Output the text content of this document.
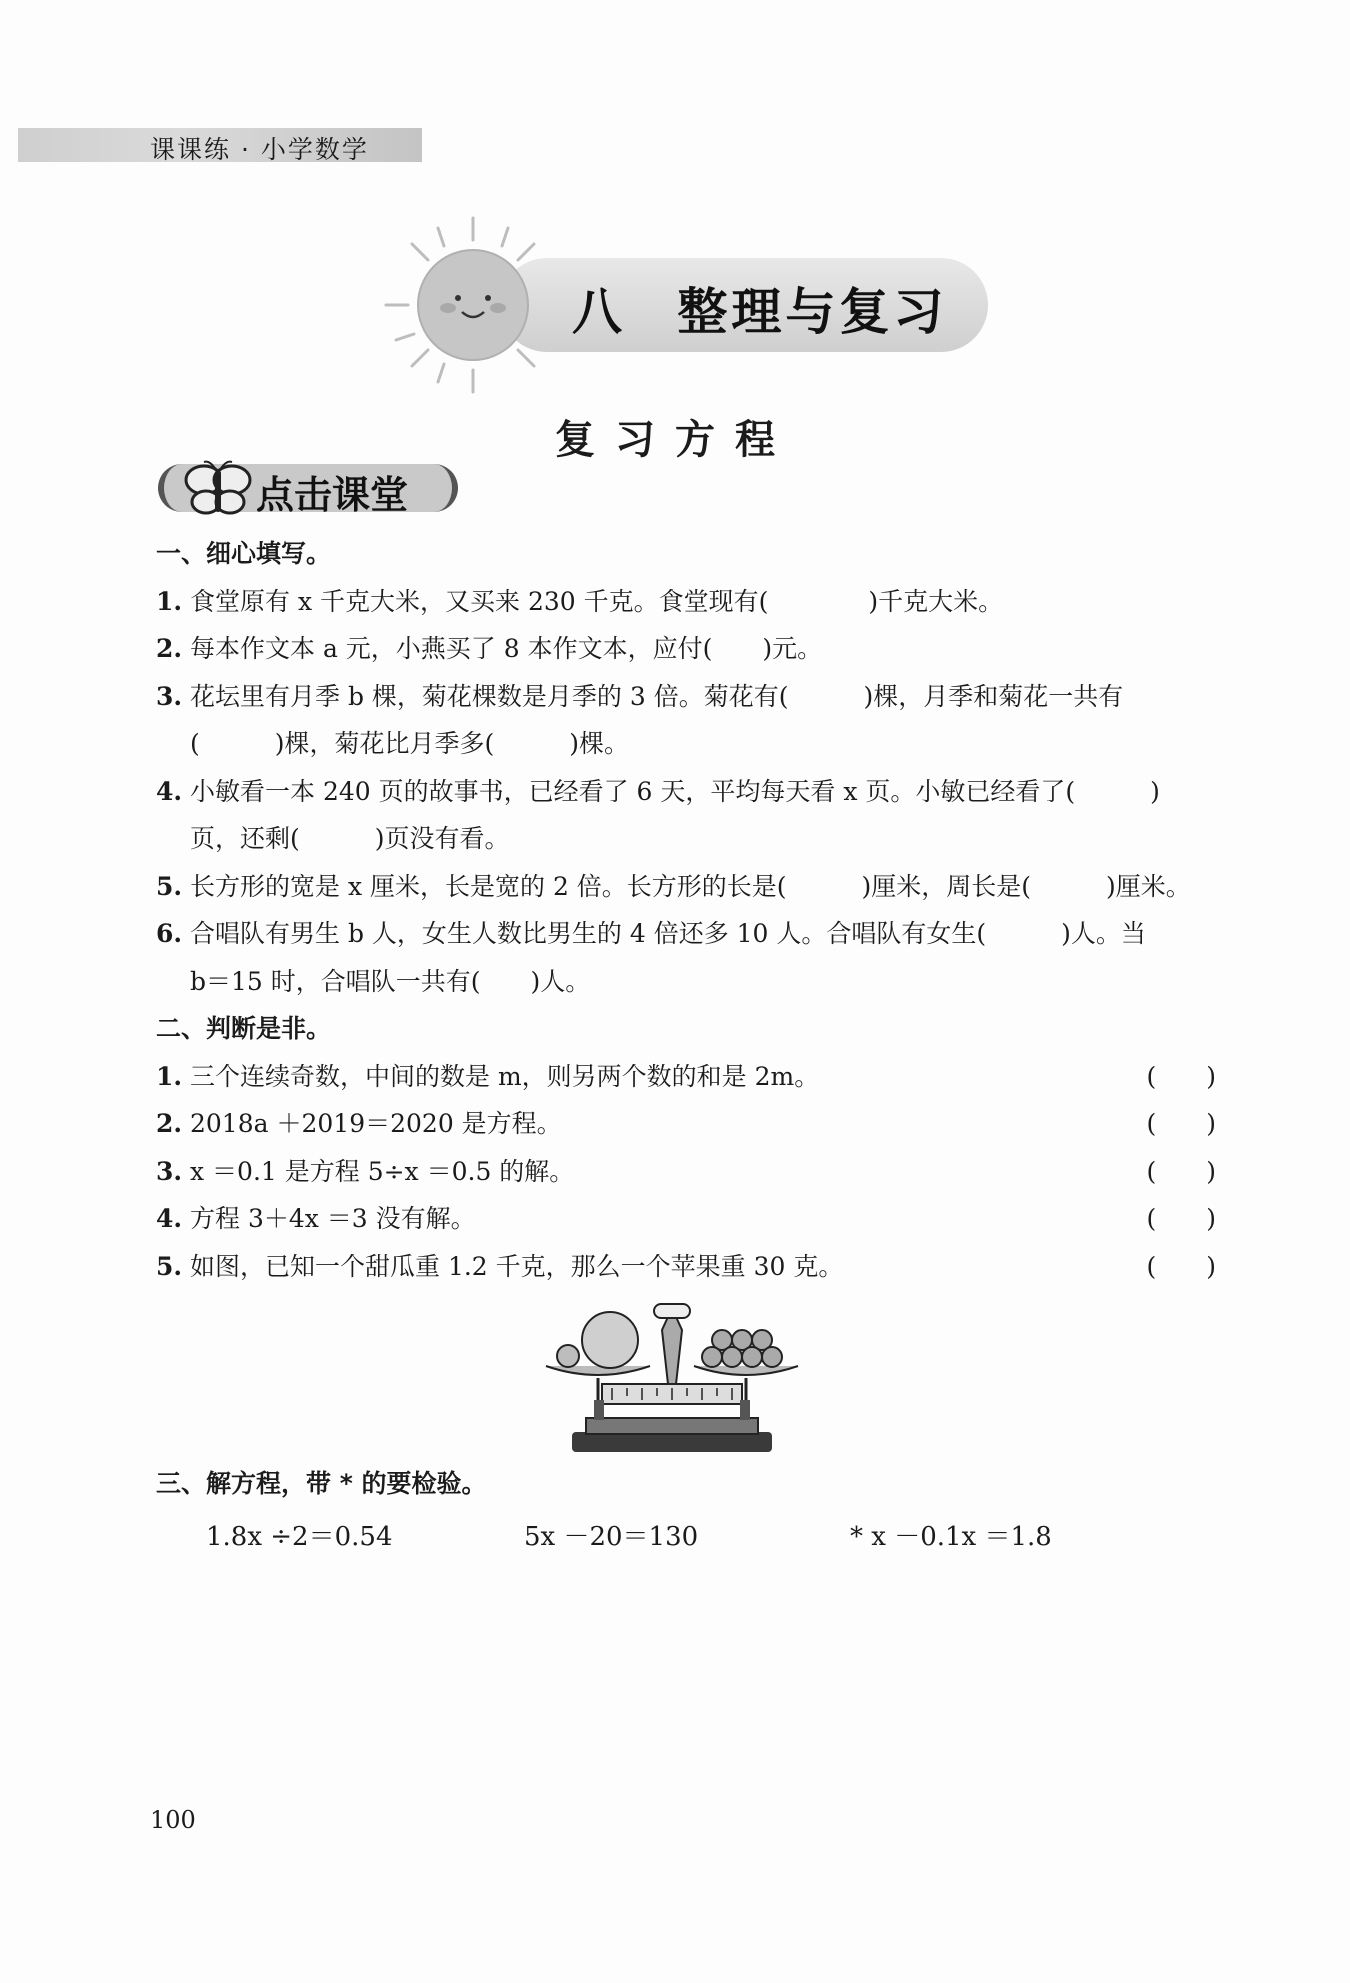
课课练 · 小学数学
八 整理与复习
复习方程
点击课堂
一、细心填写。
1. 食堂原有 x 千克大米，又买来 230 千克。食堂现有(　　　　)千克大米。
2. 每本作文本 a 元，小燕买了 8 本作文本，应付(　　)元。
3. 花坛里有月季 b 棵，菊花棵数是月季的 3 倍。菊花有(　　　)棵，月季和菊花一共有
(　　　)棵，菊花比月季多(　　　)棵。
4. 小敏看一本 240 页的故事书，已经看了 6 天，平均每天看 x 页。小敏已经看了(　　　)
页，还剩(　　　)页没有看。
5. 长方形的宽是 x 厘米，长是宽的 2 倍。长方形的长是(　　　)厘米，周长是(　　　)厘米。
6. 合唱队有男生 b 人，女生人数比男生的 4 倍还多 10 人。合唱队有女生(　　　)人。当
b＝15 时，合唱队一共有(　　)人。
二、判断是非。
1. 三个连续奇数，中间的数是 m，则另两个数的和是 2m。	(　　)
2. 2018a ＋2019＝2020 是方程。	(　　)
3. x ＝0.1 是方程 5÷x ＝0.5 的解。	(　　)
4. 方程 3＋4x ＝3 没有解。	(　　)
5. 如图，已知一个甜瓜重 1.2 千克，那么一个苹果重 30 克。	(　　)
三、解方程，带 * 的要检验。
1.8x ÷2＝0.54	5x －20＝130	* x －0.1x ＝1.8
100
